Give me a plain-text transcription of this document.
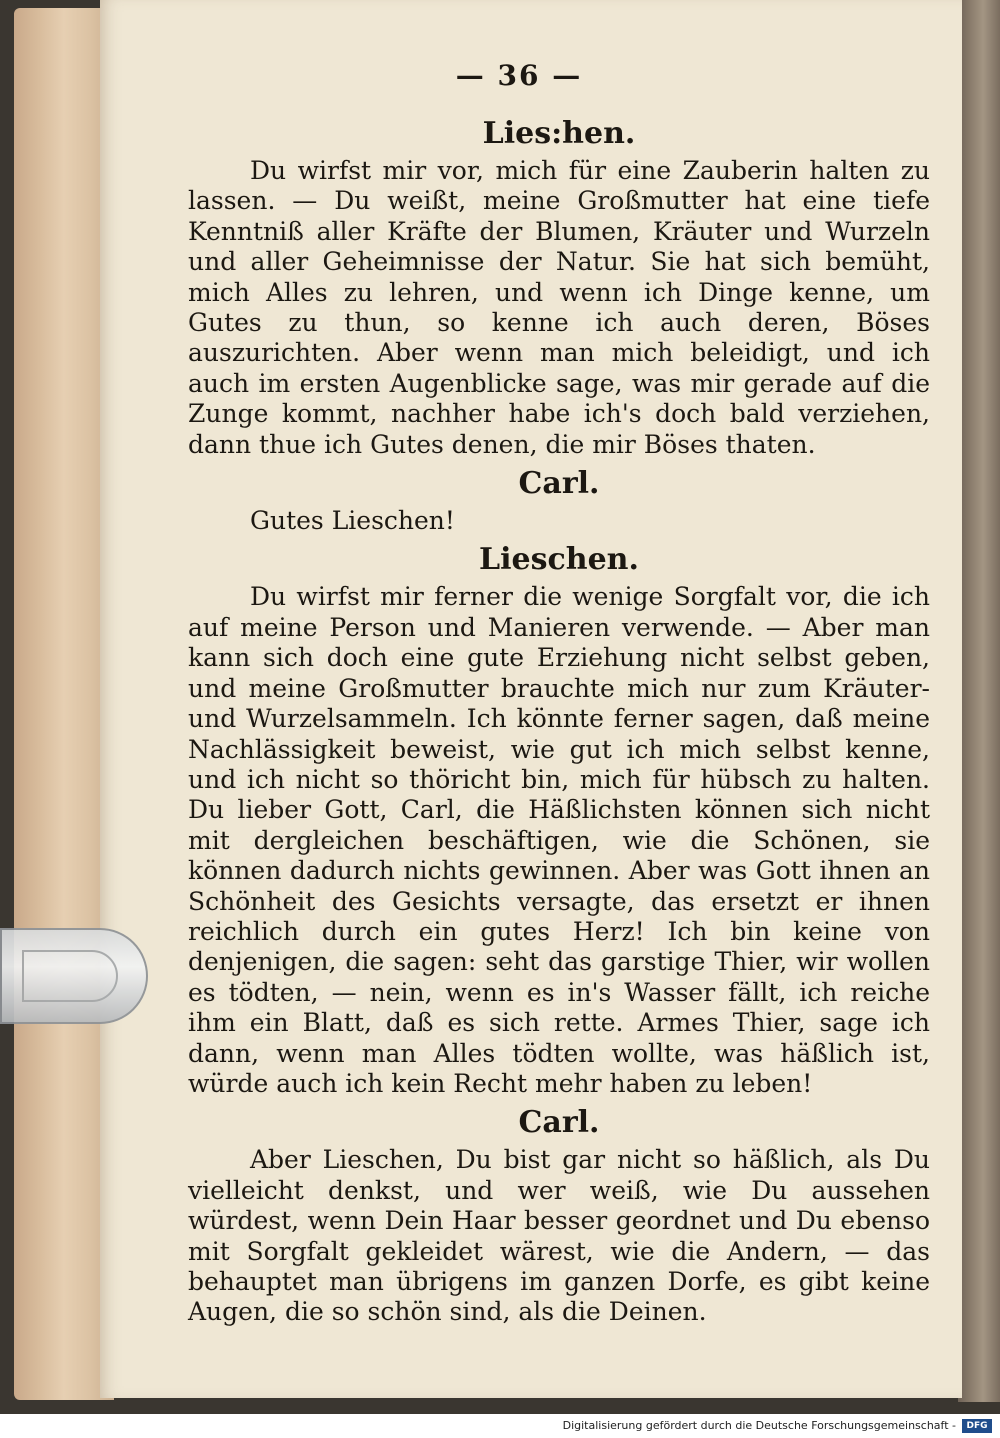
— 36 —
Lies:hen.

Du wirfst mir vor, mich für eine Zauberin halten zu lassen. — Du weißt, meine Großmutter hat eine tiefe Kenntniß aller Kräfte der Blumen, Kräuter und Wurzeln und aller Geheimnisse der Natur. Sie hat sich bemüht, mich Alles zu lehren, und wenn ich Dinge kenne, um Gutes zu thun, so kenne ich auch deren, Böses auszurichten. Aber wenn man mich beleidigt, und ich auch im ersten Augenblicke sage, was mir gerade auf die Zunge kommt, nachher habe ich's doch bald verziehen, dann thue ich Gutes denen, die mir Böses thaten.

Carl.

Gutes Lieschen!

Lieschen.

Du wirfst mir ferner die wenige Sorgfalt vor, die ich auf meine Person und Manieren verwende. — Aber man kann sich doch eine gute Erziehung nicht selbst geben, und meine Großmutter brauchte mich nur zum Kräuter- und Wurzelsammeln. Ich könnte ferner sagen, daß meine Nachlässigkeit beweist, wie gut ich mich selbst kenne, und ich nicht so thöricht bin, mich für hübsch zu halten. Du lieber Gott, Carl, die Häßlichsten können sich nicht mit dergleichen beschäftigen, wie die Schönen, sie können dadurch nichts gewinnen. Aber was Gott ihnen an Schönheit des Gesichts versagte, das ersetzt er ihnen reichlich durch ein gutes Herz! Ich bin keine von denjenigen, die sagen: seht das garstige Thier, wir wollen es tödten, — nein, wenn es in's Wasser fällt, ich reiche ihm ein Blatt, daß es sich rette. Armes Thier, sage ich dann, wenn man Alles tödten wollte, was häßlich ist, würde auch ich kein Recht mehr haben zu leben!

Carl.

Aber Lieschen, Du bist gar nicht so häßlich, als Du vielleicht denkst, und wer weiß, wie Du aussehen würdest, wenn Dein Haar besser geordnet und Du ebenso mit Sorgfalt gekleidet wärest, wie die Andern, — das behauptet man übrigens im ganzen Dorfe, es gibt keine Augen, die so schön sind, als die Deinen.

Digitalisierung gefördert durch die Deutsche Forschungsgemeinschaft -	DFG
